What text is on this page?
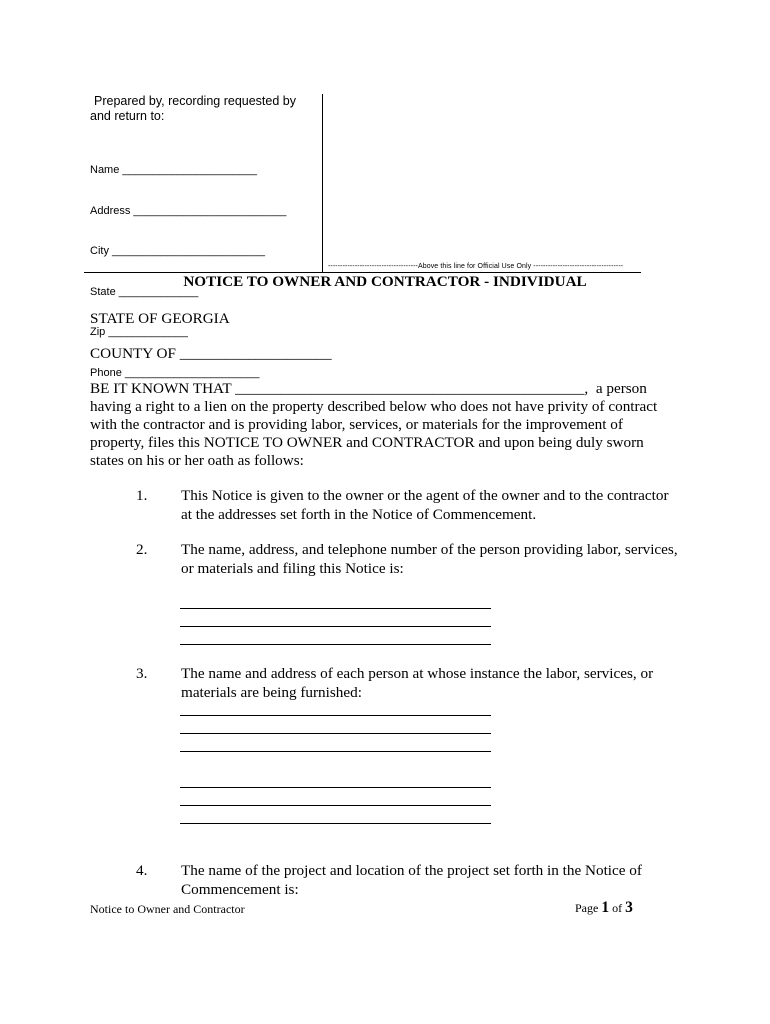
Prepared by, recording requested by
and return to:

Name ______________________

Address _________________________

City _________________________

State _____________

Zip _____________

Phone ______________________

-------------------------------------Above this line for Official Use Only -------------------------------------
NOTICE TO OWNER AND CONTRACTOR - INDIVIDUAL
STATE OF GEORGIA
COUNTY OF ____________________
BE IT KNOWN THAT ______________________________________________,  a person
having a right to a lien on the property described below who does not have privity of contract with the contractor and is providing labor, services, or materials for the improvement of property, files this NOTICE TO OWNER and CONTRACTOR and upon being duly sworn states on his or her oath as follows:
1. This Notice is given to the owner or the agent of the owner and to the contractor at the addresses set forth in the Notice of Commencement.
2. The name, address, and telephone number of the person providing labor, services, or materials and filing this Notice is:
3. The name and address of each person at whose instance the labor, services, or materials are being furnished:
4. The name of the project and location of the project set forth in the Notice of Commencement is:
Notice to Owner and Contractor	Page 1 of 3
